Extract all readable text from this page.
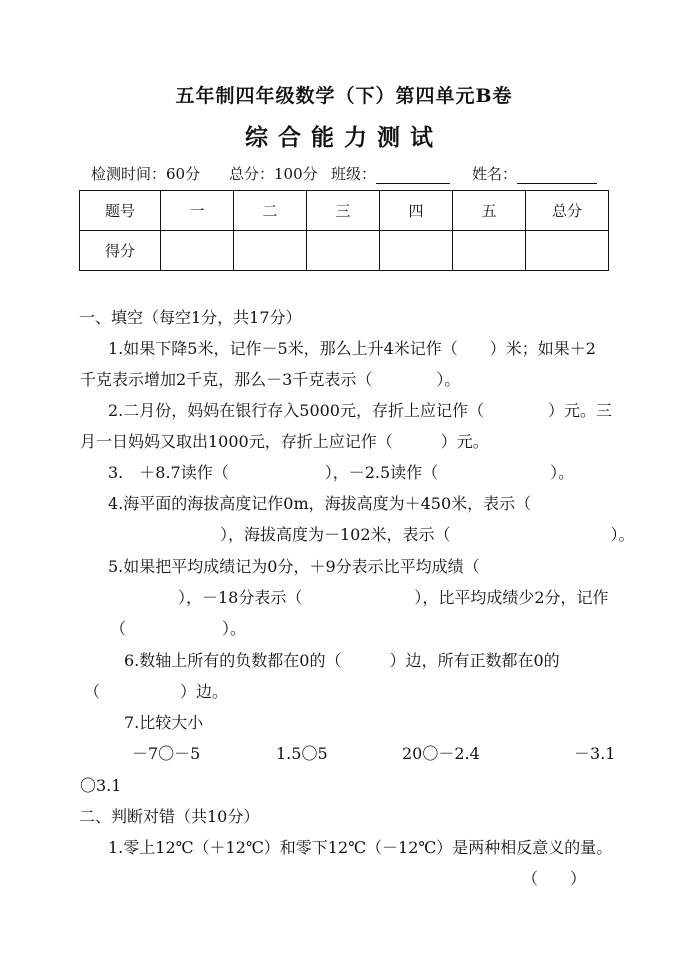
五年制四年级数学（下）第四单元B卷
综合能力测试
检测时间：60分 总分：100分 班级：	姓名：
题号	一	二	三	四	五	总分
得分						
一、填空（每空1分，共17分）
1.如果下降5米，记作－5米，那么上升4米记作（　　）米；如果＋2
千克表示增加2千克，那么－3千克表示（　　　　）。
2.二月份，妈妈在银行存入5000元，存折上应记作（　　　　）元。三
月一日妈妈又取出1000元，存折上应记作（　　　）元。
3.　＋8.7读作（　　　　　　），－2.5读作（　　　　　　　）。
4.海平面的海拔高度记作0m，海拔高度为＋450米，表示（
），海拔高度为－102米，表示（　　　　　　　　　　）。
5.如果把平均成绩记为0分，＋9分表示比平均成绩（
），－18分表示（　　　　　　　），比平均成绩少2分，记作
（　　　　　　）。
6.数轴上所有的负数都在0的（　　　）边，所有正数都在0的
（　　　　　）边。
7.比较大小
－7〇－5	1.5〇5	20〇－2.4	－3.1
〇3.1
二、判断对错（共10分）
1.零上12℃（＋12℃）和零下12℃（－12℃）是两种相反意义的量。
（　　）
